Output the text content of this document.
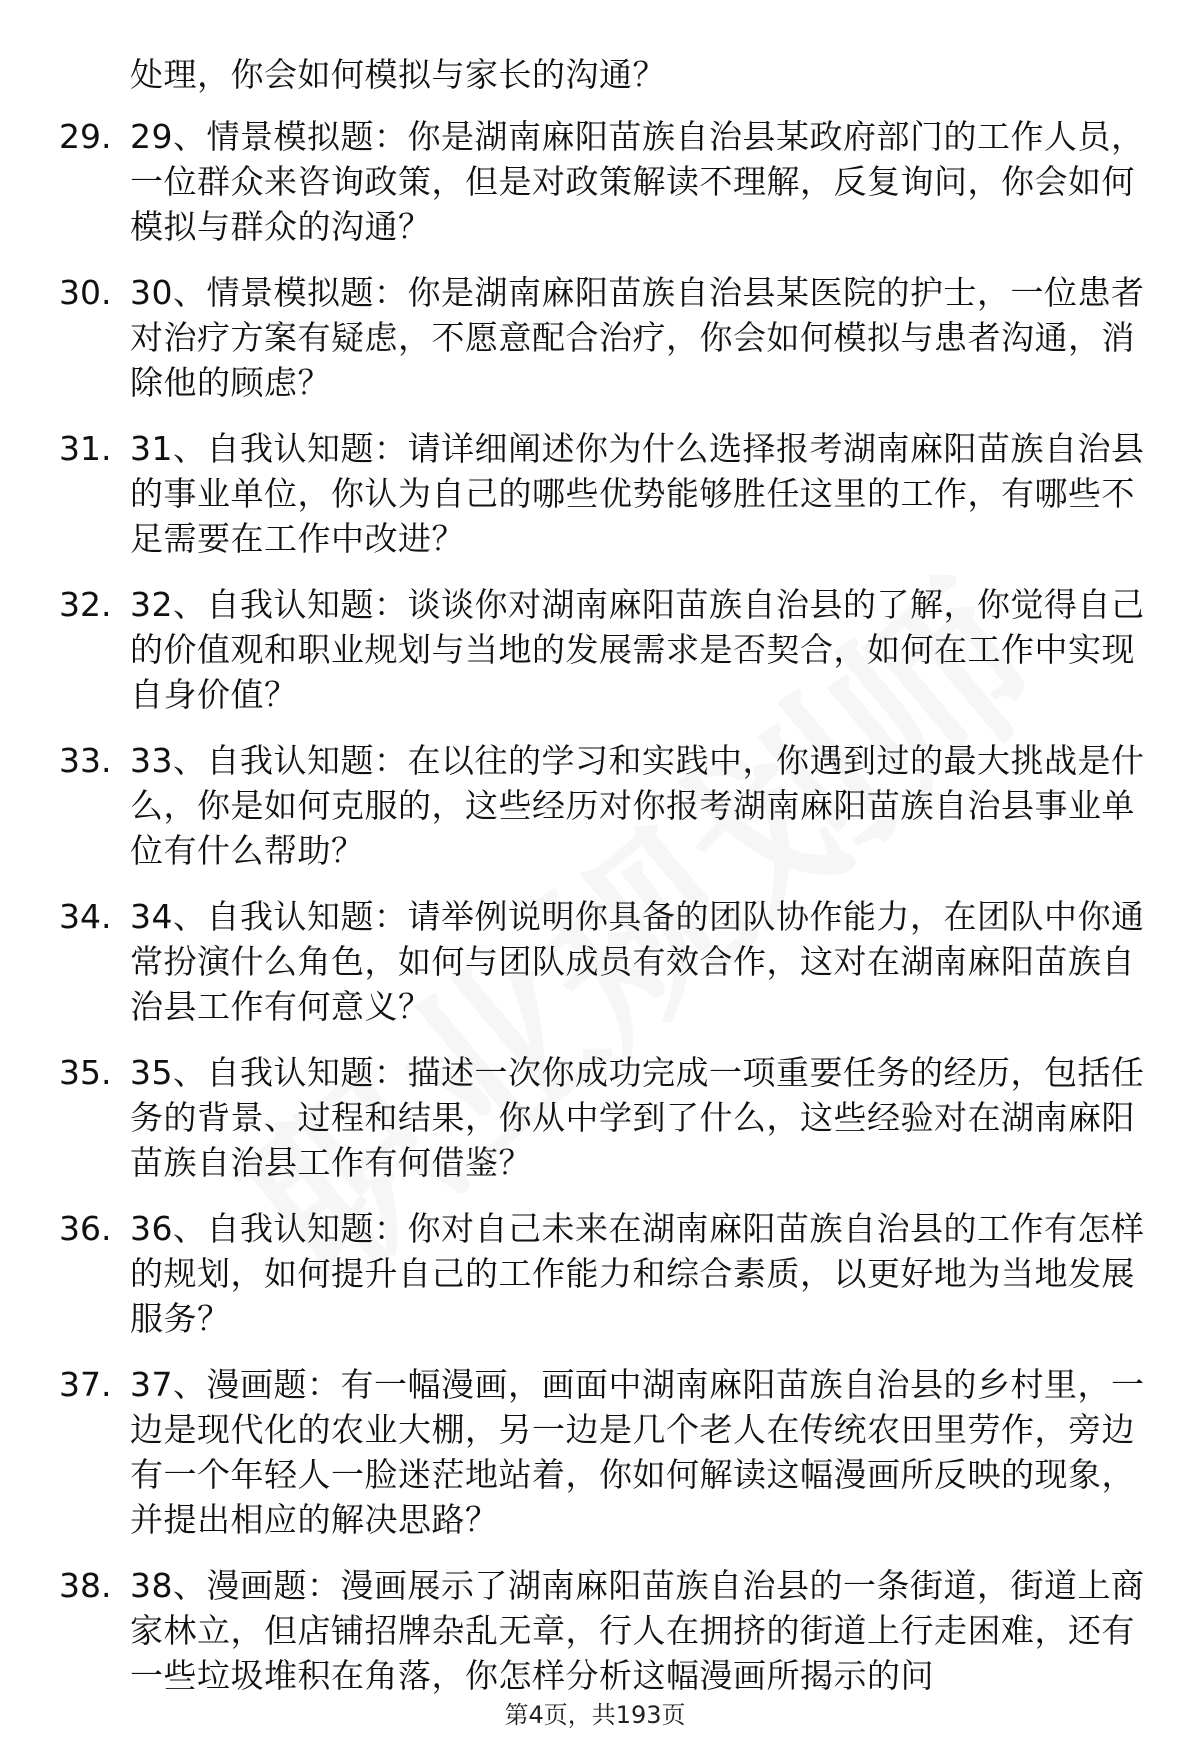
处理，你会如何模拟与家长的沟通？
29. 29、情景模拟题：你是湖南麻阳苗族自治县某政府部门的工作人员，一位群众来咨询政策，但是对政策解读不理解，反复询问，你会如何模拟与群众的沟通？
30. 30、情景模拟题：你是湖南麻阳苗族自治县某医院的护士，一位患者对治疗方案有疑虑，不愿意配合治疗，你会如何模拟与患者沟通，消除他的顾虑？
31. 31、自我认知题：请详细阐述你为什么选择报考湖南麻阳苗族自治县的事业单位，你认为自己的哪些优势能够胜任这里的工作，有哪些不足需要在工作中改进？
32. 32、自我认知题：谈谈你对湖南麻阳苗族自治县的了解，你觉得自己的价值观和职业规划与当地的发展需求是否契合，如何在工作中实现自身价值？
33. 33、自我认知题：在以往的学习和实践中，你遇到过的最大挑战是什么，你是如何克服的，这些经历对你报考湖南麻阳苗族自治县事业单位有什么帮助？
34. 34、自我认知题：请举例说明你具备的团队协作能力，在团队中你通常扮演什么角色，如何与团队成员有效合作，这对在湖南麻阳苗族自治县工作有何意义？
35. 35、自我认知题：描述一次你成功完成一项重要任务的经历，包括任务的背景、过程和结果，你从中学到了什么，这些经验对在湖南麻阳苗族自治县工作有何借鉴？
36. 36、自我认知题：你对自己未来在湖南麻阳苗族自治县的工作有怎样的规划，如何提升自己的工作能力和综合素质，以更好地为当地发展服务？
37. 37、漫画题：有一幅漫画，画面中湖南麻阳苗族自治县的乡村里，一边是现代化的农业大棚，另一边是几个老人在传统农田里劳作，旁边有一个年轻人一脸迷茫地站着，你如何解读这幅漫画所反映的现象，并提出相应的解决思路？
38. 38、漫画题：漫画展示了湖南麻阳苗族自治县的一条街道，街道上商家林立，但店铺招牌杂乱无章，行人在拥挤的街道上行走困难，还有一些垃圾堆积在角落，你怎样分析这幅漫画所揭示的问
第4页，共193页
